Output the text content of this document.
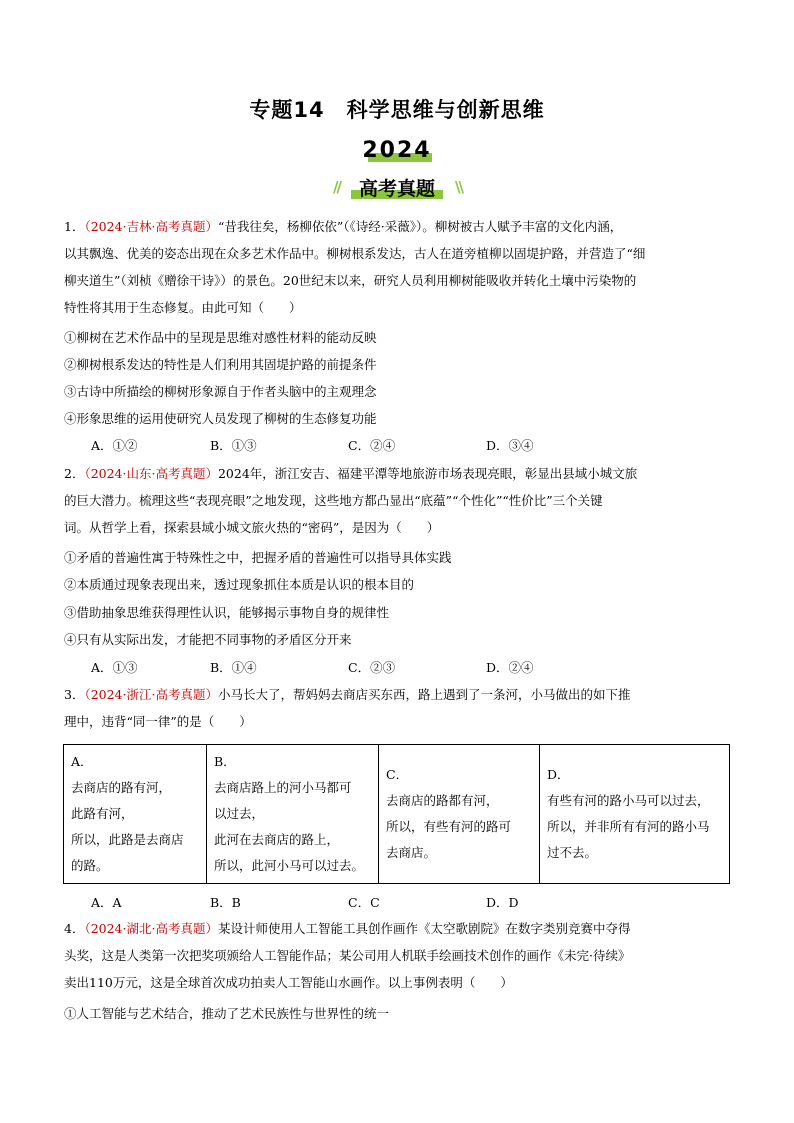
专题14　科学思维与创新思维
2024
//	高考真题	\\
1．（2024·吉林·高考真题）“昔我往矣，杨柳依依”（《诗经·采薇》）。柳树被古人赋予丰富的文化内涵，
以其飘逸、优美的姿态出现在众多艺术作品中。柳树根系发达，古人在道旁植柳以固堤护路，并营造了“细
柳夹道生”（刘桢《赠徐干诗》）的景色。20世纪末以来，研究人员利用柳树能吸收并转化土壤中污染物的
特性将其用于生态修复。由此可知（　　）
①柳树在艺术作品中的呈现是思维对感性材料的能动反映
②柳树根系发达的特性是人们利用其固堤护路的前提条件
③古诗中所描绘的柳树形象源自于作者头脑中的主观理念
④形象思维的运用使研究人员发现了柳树的生态修复功能
A．①②	B．①③	C．②④	D．③④
2．（2024·山东·高考真题）2024年，浙江安吉、福建平潭等地旅游市场表现亮眼，彰显出县域小城文旅
的巨大潜力。梳理这些“表现亮眼”之地发现，这些地方都凸显出“底蕴”“个性化”“性价比”三个关键
词。从哲学上看，探索县域小城文旅火热的“密码”，是因为（　　）
①矛盾的普遍性寓于特殊性之中，把握矛盾的普遍性可以指导具体实践
②本质通过现象表现出来，透过现象抓住本质是认识的根本目的
③借助抽象思维获得理性认识，能够揭示事物自身的规律性
④只有从实际出发，才能把不同事物的矛盾区分开来
A．①③	B．①④	C．②③	D．②④
3．（2024·浙江·高考真题）小马长大了，帮妈妈去商店买东西，路上遇到了一条河，小马做出的如下推
理中，违背“同一律”的是（　　）
A．
去商店的路有河，
此路有河，
所以，此路是去商店
的路。

B．
去商店路上的河小马都可
以过去，
此河在去商店的路上，
所以，此河小马可以过去。

C．
去商店的路都有河，
所以，有些有河的路可
去商店。

D．
有些有河的路小马可以过去，
所以，并非所有有河的路小马
过不去。
A．A	B．B	C．C	D．D
4．（2024·湖北·高考真题）某设计师使用人工智能工具创作画作《太空歌剧院》在数字类别竞赛中夺得
头奖，这是人类第一次把奖项颁给人工智能作品；某公司用人机联手绘画技术创作的画作《未完·待续》
卖出110万元，这是全球首次成功拍卖人工智能山水画作。以上事例表明（　　）
①人工智能与艺术结合，推动了艺术民族性与世界性的统一
